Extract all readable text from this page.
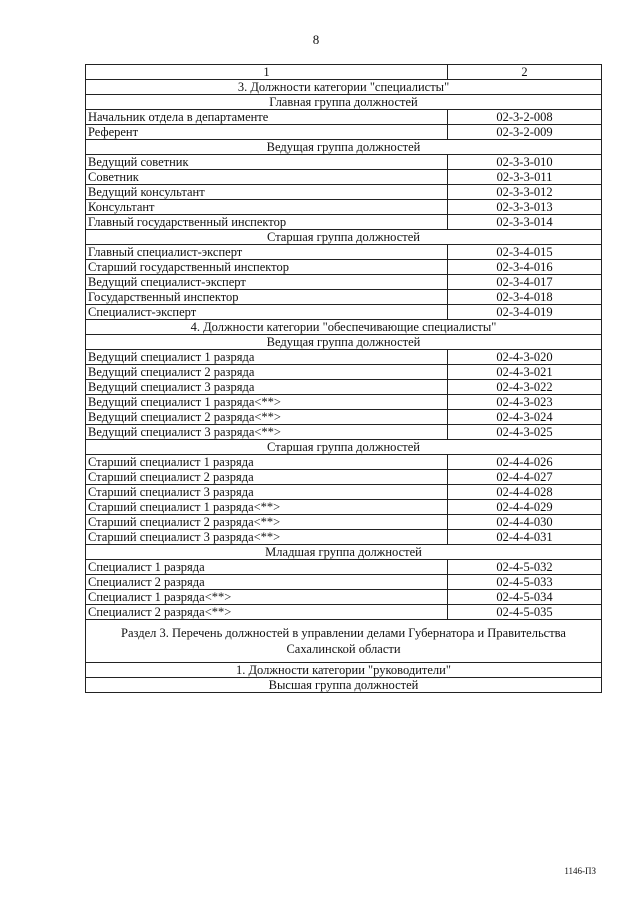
8
1	2
3. Должности категории "специалисты"	
Главная группа должностей	
Начальник отдела в департаменте	02-3-2-008
Референт	02-3-2-009
Ведущая группа должностей	
Ведущий советник	02-3-3-010
Советник	02-3-3-011
Ведущий консультант	02-3-3-012
Консультант	02-3-3-013
Главный государственный инспектор	02-3-3-014
Старшая группа должностей	
Главный специалист-эксперт	02-3-4-015
Старший государственный инспектор	02-3-4-016
Ведущий специалист-эксперт	02-3-4-017
Государственный инспектор	02-3-4-018
Специалист-эксперт	02-3-4-019
4. Должности категории "обеспечивающие специалисты"	
Ведущая группа должностей	
Ведущий специалист 1 разряда	02-4-3-020
Ведущий специалист 2 разряда	02-4-3-021
Ведущий специалист 3 разряда	02-4-3-022
Ведущий специалист 1 разряда<**>	02-4-3-023
Ведущий специалист 2 разряда<**>	02-4-3-024
Ведущий специалист 3 разряда<**>	02-4-3-025
Старшая группа должностей	
Старший специалист 1 разряда	02-4-4-026
Старший специалист 2 разряда	02-4-4-027
Старший специалист 3 разряда	02-4-4-028
Старший специалист 1 разряда<**>	02-4-4-029
Старший специалист 2 разряда<**>	02-4-4-030
Старший специалист 3 разряда<**>	02-4-4-031
Младшая группа должностей	
Специалист 1 разряда	02-4-5-032
Специалист 2 разряда	02-4-5-033
Специалист 1 разряда<**>	02-4-5-034
Специалист 2 разряда<**>	02-4-5-035
Раздел 3. Перечень должностей в управлении делами Губернатора и Правительства Сахалинской области	
1. Должности категории "руководители"	
Высшая группа должностей	
1146-ПЗ
